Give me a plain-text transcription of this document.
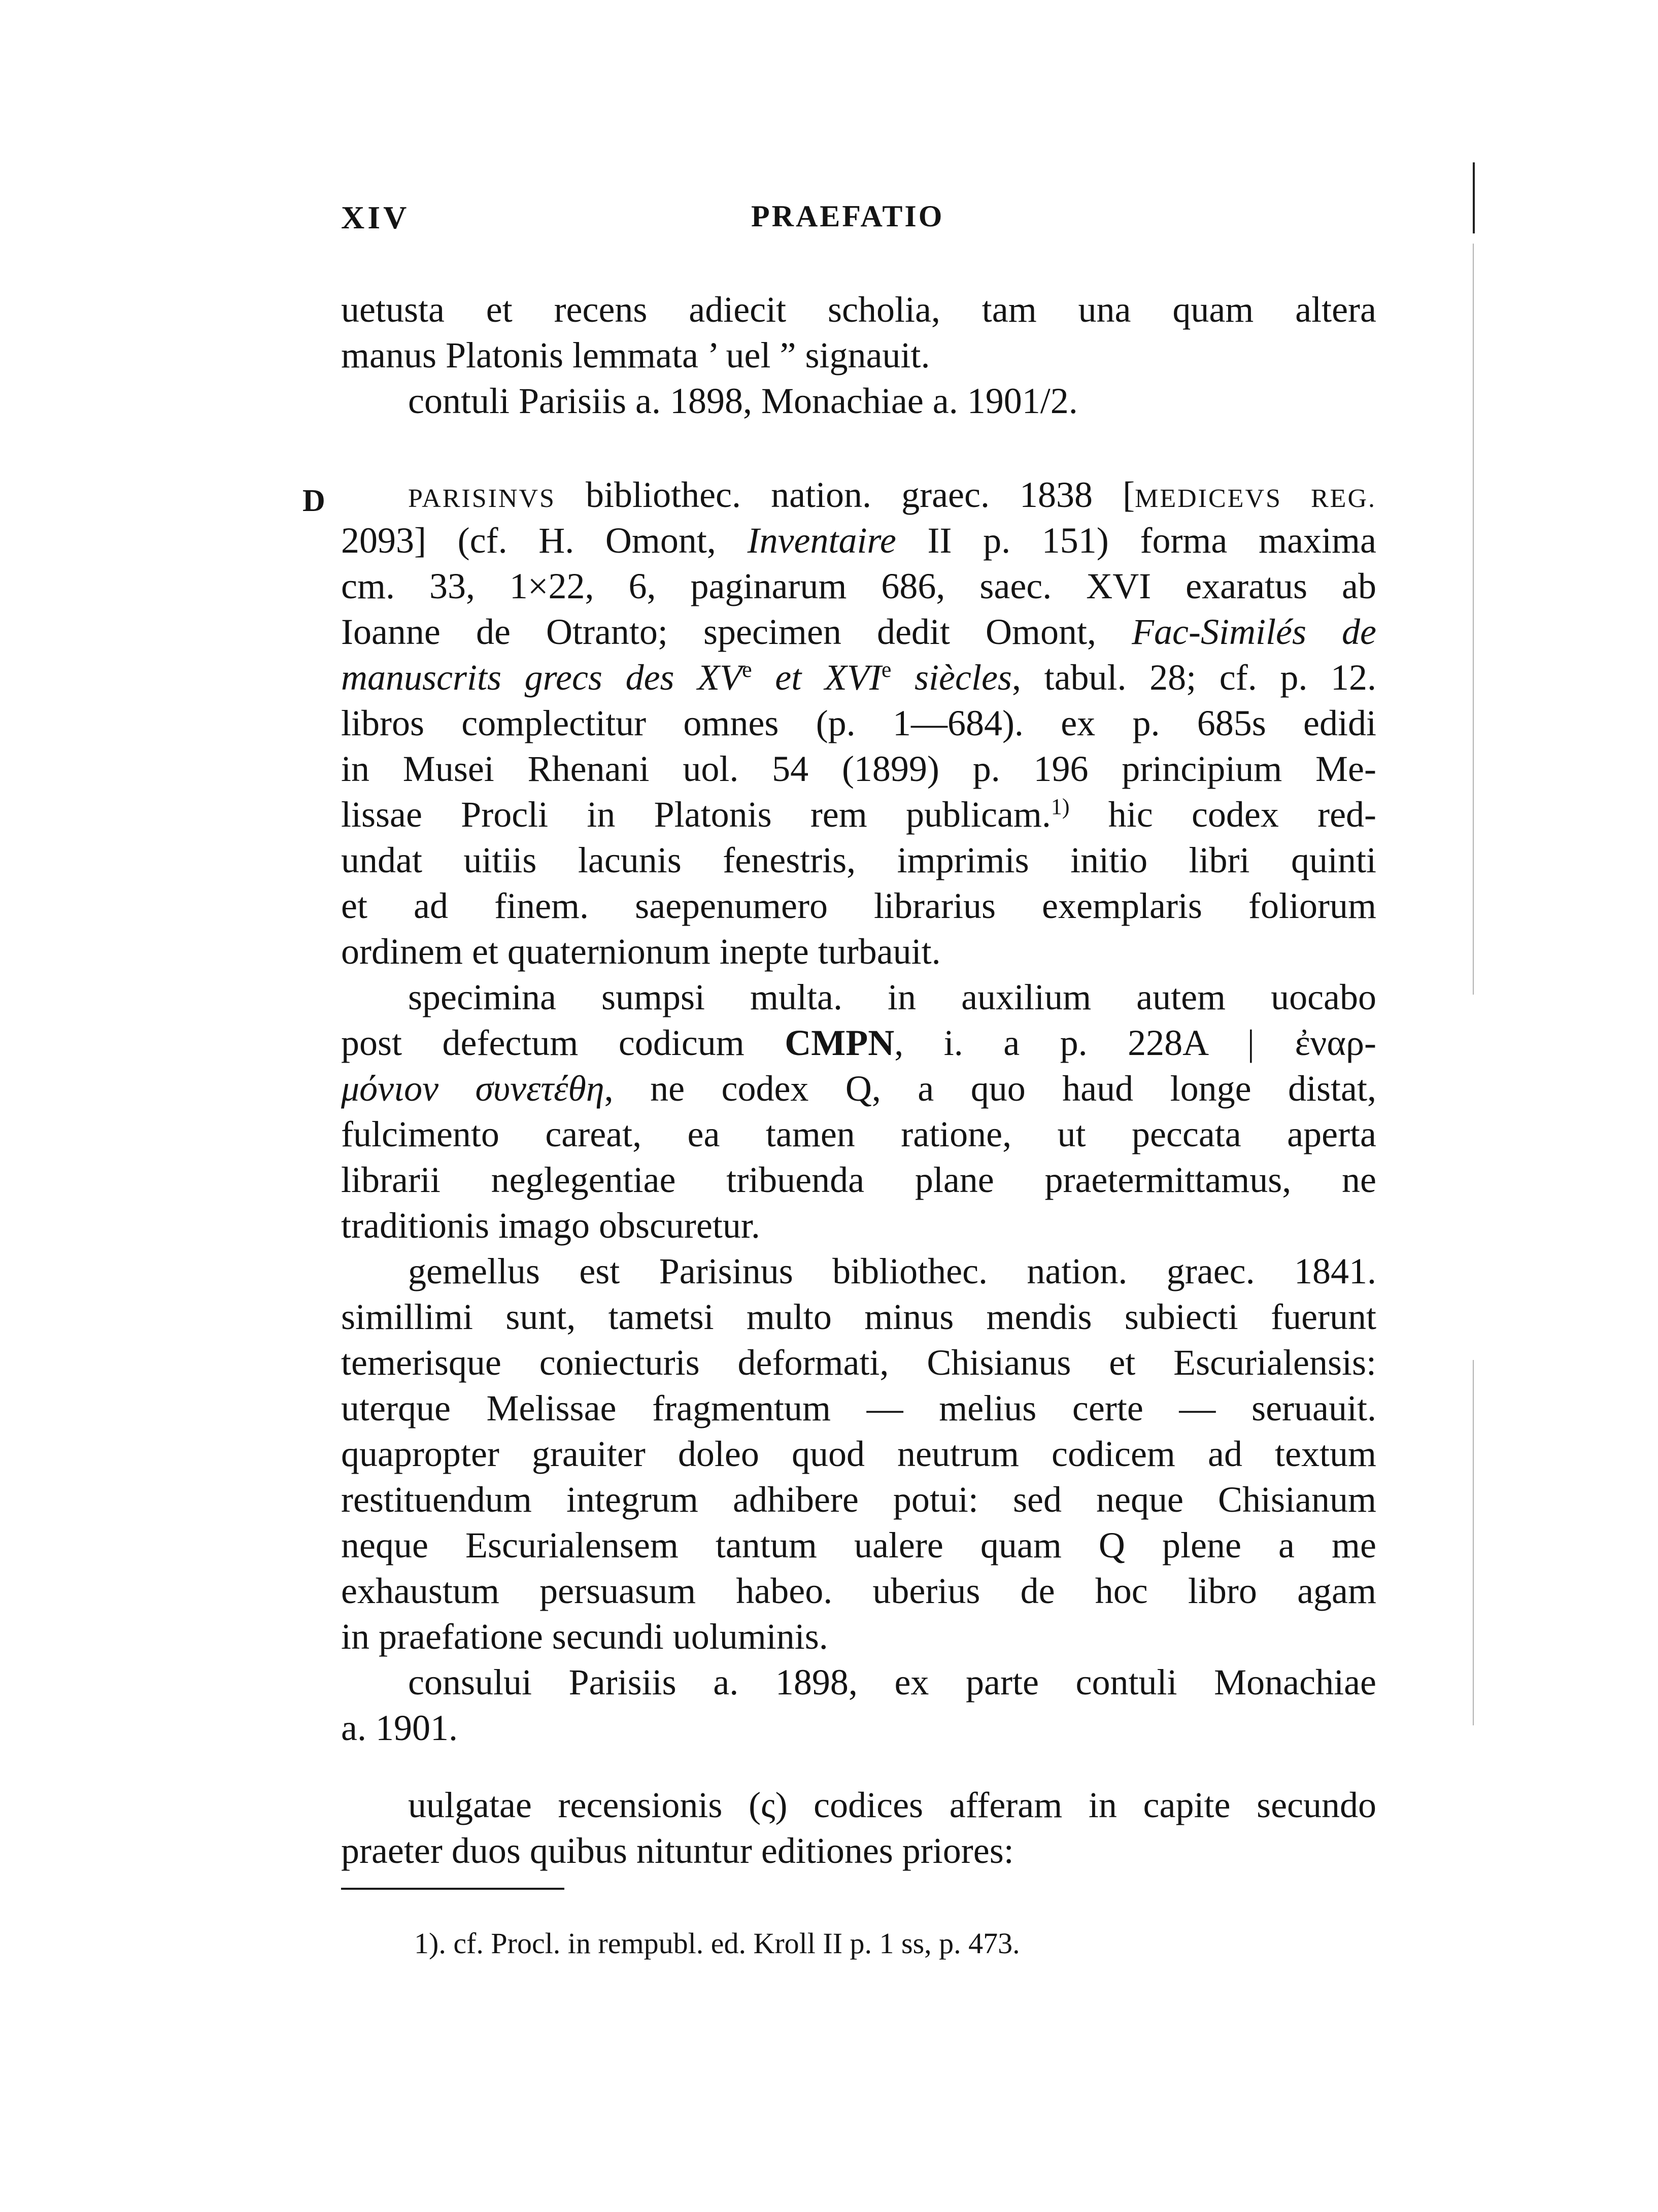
XIV	PRAEFATIO
uetusta et recens adiecit scholia, tam una quam altera
manus Platonis lemmata ’ uel ” signauit.
contuli Parisiis a. 1898, Monachiae a. 1901/2.
D	PARISINVS bibliothec. nation. graec. 1838 [MEDICEVS REG.
2093] (cf. H. Omont, Inventaire II p. 151) forma maxima
cm. 33, 1×22, 6, paginarum 686, saec. XVI exaratus ab
Ioanne de Otranto; specimen dedit Omont, Fac-Similés de
manuscrits grecs des XVe et XVIe siècles, tabul. 28; cf. p. 12.
libros complectitur omnes (p. 1—684). ex p. 685s edidi
in Musei Rhenani uol. 54 (1899) p. 196 principium Me-
lissae Procli in Platonis rem publicam.$^{1)}$ hic codex red-
undat uitiis lacunis fenestris, imprimis initio libri quinti
et ad finem. saepenumero librarius exemplaris foliorum
ordinem et quaternionum inepte turbauit.
specimina sumpsi multa. in auxilium autem uocabo
post defectum codicum CMPN, i. a p. 228A | ἐναρ-
μόνιον συνετέθη, ne codex Q, a quo haud longe distat,
fulcimento careat, ea tamen ratione, ut peccata aperta
librarii neglegentiae tribuenda plane praetermittamus, ne
traditionis imago obscuretur.
gemellus est Parisinus bibliothec. nation. graec. 1841.
simillimi sunt, tametsi multo minus mendis subiecti fuerunt
temerisque coniecturis deformati, Chisianus et Escurialensis:
uterque Melissae fragmentum — melius certe — seruauit.
quapropter grauiter doleo quod neutrum codicem ad textum
restituendum integrum adhibere potui: sed neque Chisianum
neque Escurialensem tantum ualere quam Q plene a me
exhaustum persuasum habeo. uberius de hoc libro agam
in praefatione secundi uoluminis.
consului Parisiis a. 1898, ex parte contuli Monachiae
a. 1901.
uulgatae recensionis (ς) codices afferam in capite secundo
praeter duos quibus nituntur editiones priores:
1). cf. Procl. in rempubl. ed. Kroll II p. 1 ss, p. 473.
